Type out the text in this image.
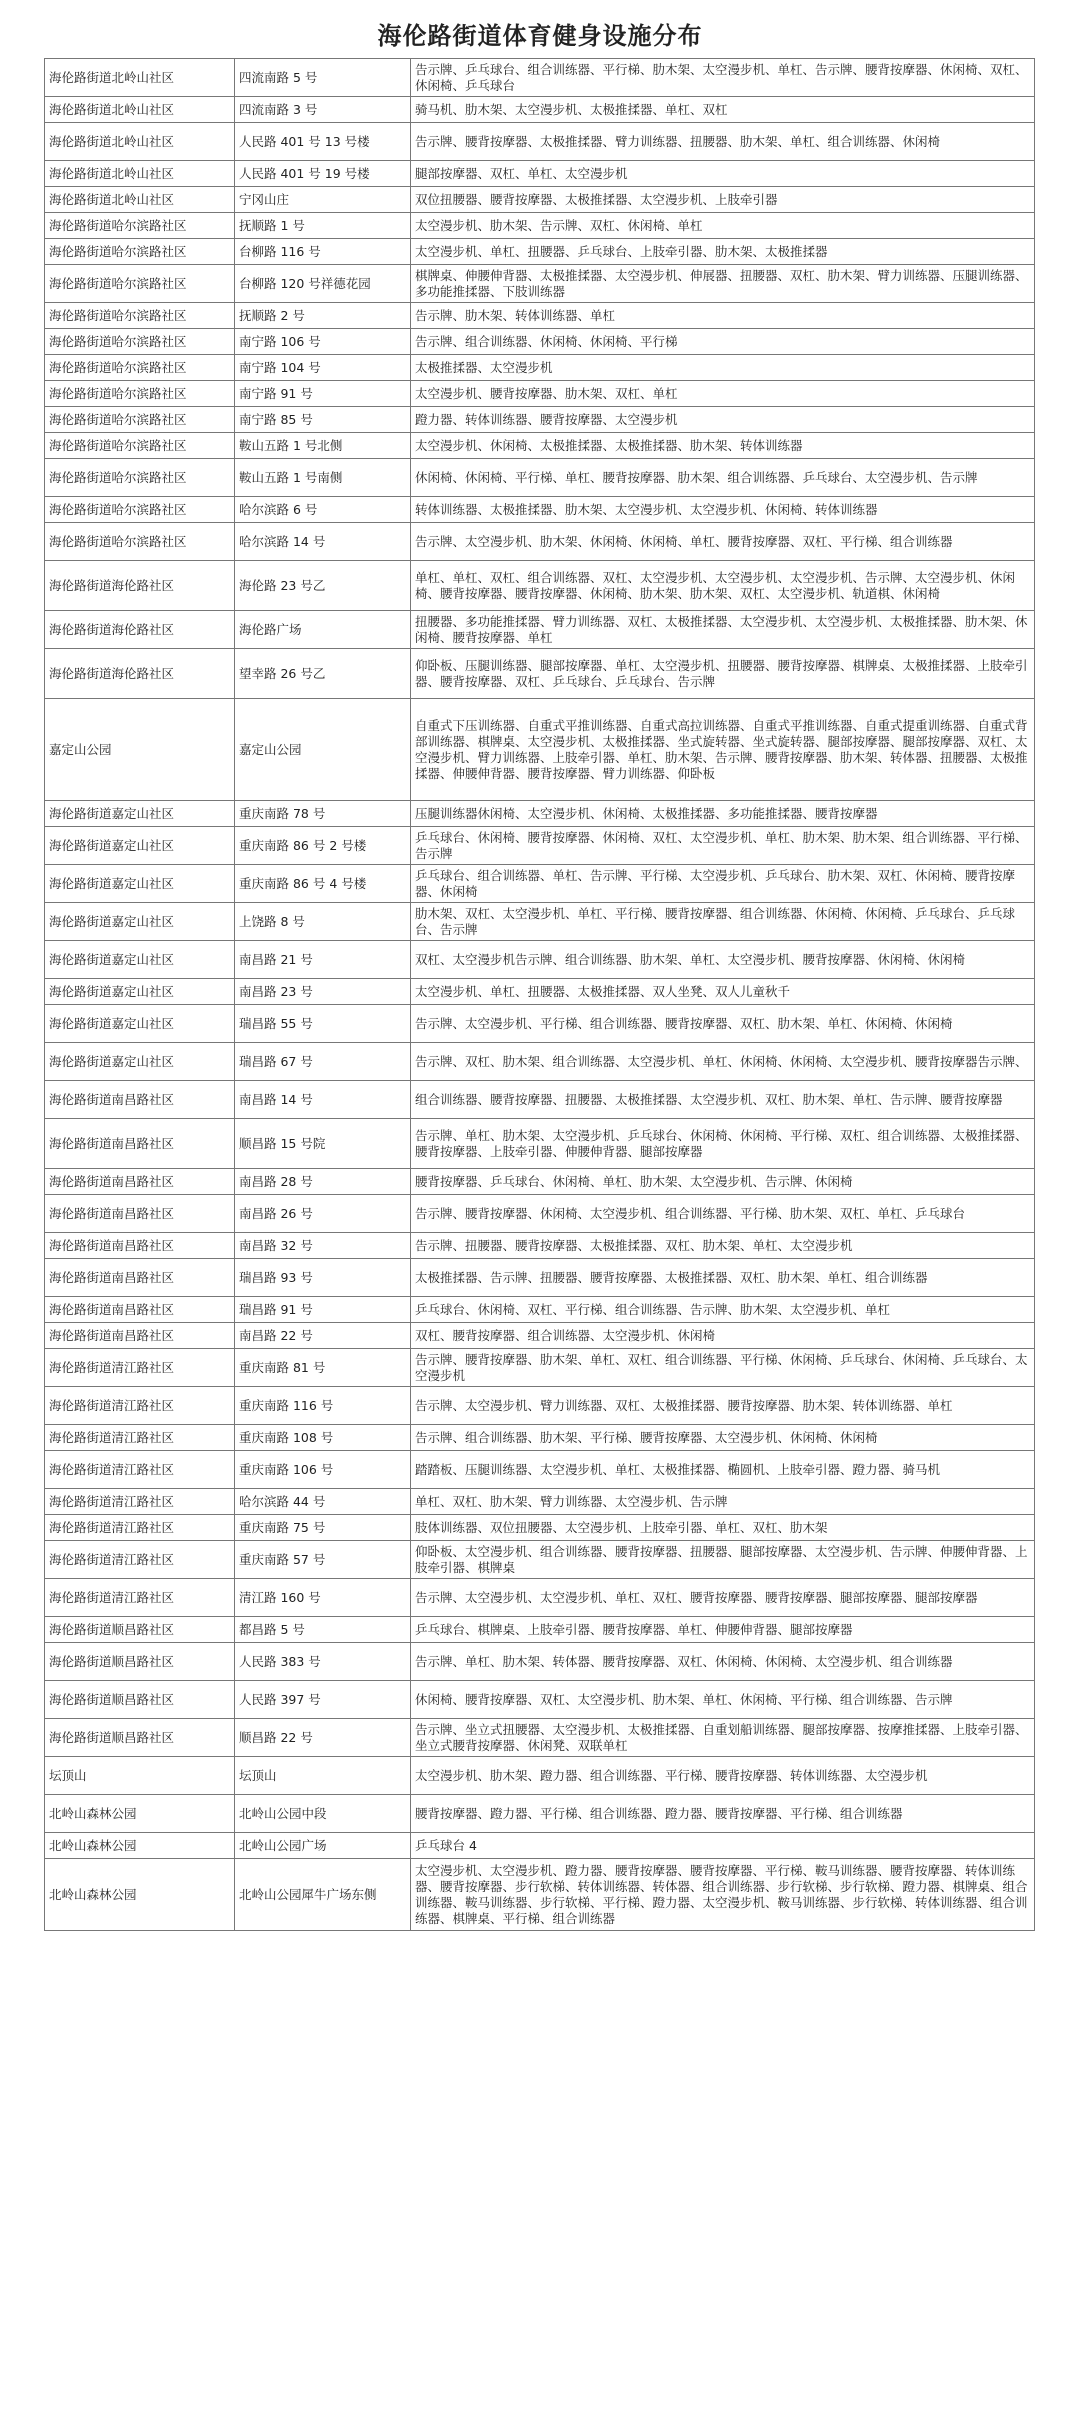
海伦路街道体育健身设施分布
海伦路街道北岭山社区	四流南路 5 号	告示牌、乒乓球台、组合训练器、平行梯、肋木架、太空漫步机、单杠、告示牌、腰背按摩器、休闲椅、双杠、休闲椅、乒乓球台
海伦路街道北岭山社区	四流南路 3 号	骑马机、肋木架、太空漫步机、太极推揉器、单杠、双杠
海伦路街道北岭山社区	人民路 401 号 13 号楼	告示牌、腰背按摩器、太极推揉器、臂力训练器、扭腰器、肋木架、单杠、组合训练器、休闲椅
海伦路街道北岭山社区	人民路 401 号 19 号楼	腿部按摩器、双杠、单杠、太空漫步机
海伦路街道北岭山社区	宁冈山庄	双位扭腰器、腰背按摩器、太极推揉器、太空漫步机、上肢牵引器
海伦路街道哈尔滨路社区	抚顺路 1 号	太空漫步机、肋木架、告示牌、双杠、休闲椅、单杠
海伦路街道哈尔滨路社区	台柳路 116 号	太空漫步机、单杠、扭腰器、乒乓球台、上肢牵引器、肋木架、太极推揉器
海伦路街道哈尔滨路社区	台柳路 120 号祥德花园	棋牌桌、伸腰伸背器、太极推揉器、太空漫步机、伸展器、扭腰器、双杠、肋木架、臂力训练器、压腿训练器、多功能推揉器、下肢训练器
海伦路街道哈尔滨路社区	抚顺路 2 号	告示牌、肋木架、转体训练器、单杠
海伦路街道哈尔滨路社区	南宁路 106 号	告示牌、组合训练器、休闲椅、休闲椅、平行梯
海伦路街道哈尔滨路社区	南宁路 104 号	太极推揉器、太空漫步机
海伦路街道哈尔滨路社区	南宁路 91 号	太空漫步机、腰背按摩器、肋木架、双杠、单杠
海伦路街道哈尔滨路社区	南宁路 85 号	蹬力器、转体训练器、腰背按摩器、太空漫步机
海伦路街道哈尔滨路社区	鞍山五路 1 号北侧	太空漫步机、休闲椅、太极推揉器、太极推揉器、肋木架、转体训练器
海伦路街道哈尔滨路社区	鞍山五路 1 号南侧	休闲椅、休闲椅、平行梯、单杠、腰背按摩器、肋木架、组合训练器、乒乓球台、太空漫步机、告示牌
海伦路街道哈尔滨路社区	哈尔滨路 6 号	转体训练器、太极推揉器、肋木架、太空漫步机、太空漫步机、休闲椅、转体训练器
海伦路街道哈尔滨路社区	哈尔滨路 14 号	告示牌、太空漫步机、肋木架、休闲椅、休闲椅、单杠、腰背按摩器、双杠、平行梯、组合训练器
海伦路街道海伦路社区	海伦路 23 号乙	单杠、单杠、双杠、组合训练器、双杠、太空漫步机、太空漫步机、太空漫步机、告示牌、太空漫步机、休闲椅、腰背按摩器、腰背按摩器、休闲椅、肋木架、肋木架、双杠、太空漫步机、轨道棋、休闲椅
海伦路街道海伦路社区	海伦路广场	扭腰器、多功能推揉器、臂力训练器、双杠、太极推揉器、太空漫步机、太空漫步机、太极推揉器、肋木架、休闲椅、腰背按摩器、单杠
海伦路街道海伦路社区	望幸路 26 号乙	仰卧板、压腿训练器、腿部按摩器、单杠、太空漫步机、扭腰器、腰背按摩器、棋牌桌、太极推揉器、上肢牵引器、腰背按摩器、双杠、乒乓球台、乒乓球台、告示牌
嘉定山公园	嘉定山公园	自重式下压训练器、自重式平推训练器、自重式高拉训练器、自重式平推训练器、自重式提重训练器、自重式背部训练器、棋牌桌、太空漫步机、太极推揉器、坐式旋转器、坐式旋转器、腿部按摩器、腿部按摩器、双杠、太空漫步机、臂力训练器、上肢牵引器、单杠、肋木架、告示牌、腰背按摩器、肋木架、转体器、扭腰器、太极推揉器、伸腰伸背器、腰背按摩器、臂力训练器、仰卧板
海伦路街道嘉定山社区	重庆南路 78 号	压腿训练器休闲椅、太空漫步机、休闲椅、太极推揉器、多功能推揉器、腰背按摩器
海伦路街道嘉定山社区	重庆南路 86 号 2 号楼	乒乓球台、休闲椅、腰背按摩器、休闲椅、双杠、太空漫步机、单杠、肋木架、肋木架、组合训练器、平行梯、告示牌
海伦路街道嘉定山社区	重庆南路 86 号 4 号楼	乒乓球台、组合训练器、单杠、告示牌、平行梯、太空漫步机、乒乓球台、肋木架、双杠、休闲椅、腰背按摩器、休闲椅
海伦路街道嘉定山社区	上饶路 8 号	肋木架、双杠、太空漫步机、单杠、平行梯、腰背按摩器、组合训练器、休闲椅、休闲椅、乒乓球台、乒乓球台、告示牌
海伦路街道嘉定山社区	南昌路 21 号	双杠、太空漫步机告示牌、组合训练器、肋木架、单杠、太空漫步机、腰背按摩器、休闲椅、休闲椅
海伦路街道嘉定山社区	南昌路 23 号	太空漫步机、单杠、扭腰器、太极推揉器、双人坐凳、双人儿童秋千
海伦路街道嘉定山社区	瑞昌路 55 号	告示牌、太空漫步机、平行梯、组合训练器、腰背按摩器、双杠、肋木架、单杠、休闲椅、休闲椅
海伦路街道嘉定山社区	瑞昌路 67 号	告示牌、双杠、肋木架、组合训练器、太空漫步机、单杠、休闲椅、休闲椅、太空漫步机、腰背按摩器告示牌、
海伦路街道南昌路社区	南昌路 14 号	组合训练器、腰背按摩器、扭腰器、太极推揉器、太空漫步机、双杠、肋木架、单杠、告示牌、腰背按摩器
海伦路街道南昌路社区	顺昌路 15 号院	告示牌、单杠、肋木架、太空漫步机、乒乓球台、休闲椅、休闲椅、平行梯、双杠、组合训练器、太极推揉器、腰背按摩器、上肢牵引器、伸腰伸背器、腿部按摩器
海伦路街道南昌路社区	南昌路 28 号	腰背按摩器、乒乓球台、休闲椅、单杠、肋木架、太空漫步机、告示牌、休闲椅
海伦路街道南昌路社区	南昌路 26 号	告示牌、腰背按摩器、休闲椅、太空漫步机、组合训练器、平行梯、肋木架、双杠、单杠、乒乓球台
海伦路街道南昌路社区	南昌路 32 号	告示牌、扭腰器、腰背按摩器、太极推揉器、双杠、肋木架、单杠、太空漫步机
海伦路街道南昌路社区	瑞昌路 93 号	太极推揉器、告示牌、扭腰器、腰背按摩器、太极推揉器、双杠、肋木架、单杠、组合训练器
海伦路街道南昌路社区	瑞昌路 91 号	乒乓球台、休闲椅、双杠、平行梯、组合训练器、告示牌、肋木架、太空漫步机、单杠
海伦路街道南昌路社区	南昌路 22 号	双杠、腰背按摩器、组合训练器、太空漫步机、休闲椅
海伦路街道清江路社区	重庆南路 81 号	告示牌、腰背按摩器、肋木架、单杠、双杠、组合训练器、平行梯、休闲椅、乒乓球台、休闲椅、乒乓球台、太空漫步机
海伦路街道清江路社区	重庆南路 116 号	告示牌、太空漫步机、臂力训练器、双杠、太极推揉器、腰背按摩器、肋木架、转体训练器、单杠
海伦路街道清江路社区	重庆南路 108 号	告示牌、组合训练器、肋木架、平行梯、腰背按摩器、太空漫步机、休闲椅、休闲椅
海伦路街道清江路社区	重庆南路 106 号	踏踏板、压腿训练器、太空漫步机、单杠、太极推揉器、椭圆机、上肢牵引器、蹬力器、骑马机
海伦路街道清江路社区	哈尔滨路 44 号	单杠、双杠、肋木架、臂力训练器、太空漫步机、告示牌
海伦路街道清江路社区	重庆南路 75 号	肢体训练器、双位扭腰器、太空漫步机、上肢牵引器、单杠、双杠、肋木架
海伦路街道清江路社区	重庆南路 57 号	仰卧板、太空漫步机、组合训练器、腰背按摩器、扭腰器、腿部按摩器、太空漫步机、告示牌、伸腰伸背器、上肢牵引器、棋牌桌
海伦路街道清江路社区	清江路 160 号	告示牌、太空漫步机、太空漫步机、单杠、双杠、腰背按摩器、腰背按摩器、腿部按摩器、腿部按摩器
海伦路街道顺昌路社区	都昌路 5 号	乒乓球台、棋牌桌、上肢牵引器、腰背按摩器、单杠、伸腰伸背器、腿部按摩器
海伦路街道顺昌路社区	人民路 383 号	告示牌、单杠、肋木架、转体器、腰背按摩器、双杠、休闲椅、休闲椅、太空漫步机、组合训练器
海伦路街道顺昌路社区	人民路 397 号	休闲椅、腰背按摩器、双杠、太空漫步机、肋木架、单杠、休闲椅、平行梯、组合训练器、告示牌
海伦路街道顺昌路社区	顺昌路 22 号	告示牌、坐立式扭腰器、太空漫步机、太极推揉器、自重划船训练器、腿部按摩器、按摩推揉器、上肢牵引器、坐立式腰背按摩器、休闲凳、双联单杠
坛顶山	坛顶山	太空漫步机、肋木架、蹬力器、组合训练器、平行梯、腰背按摩器、转体训练器、太空漫步机
北岭山森林公园	北岭山公园中段	腰背按摩器、蹬力器、平行梯、组合训练器、蹬力器、腰背按摩器、平行梯、组合训练器
北岭山森林公园	北岭山公园广场	乒乓球台 4
北岭山森林公园	北岭山公园犀牛广场东侧	太空漫步机、太空漫步机、蹬力器、腰背按摩器、腰背按摩器、平行梯、鞍马训练器、腰背按摩器、转体训练器、腰背按摩器、步行软梯、转体训练器、转体器、组合训练器、步行软梯、步行软梯、蹬力器、棋牌桌、组合训练器、鞍马训练器、步行软梯、平行梯、蹬力器、太空漫步机、鞍马训练器、步行软梯、转体训练器、组合训练器、棋牌桌、平行梯、组合训练器
